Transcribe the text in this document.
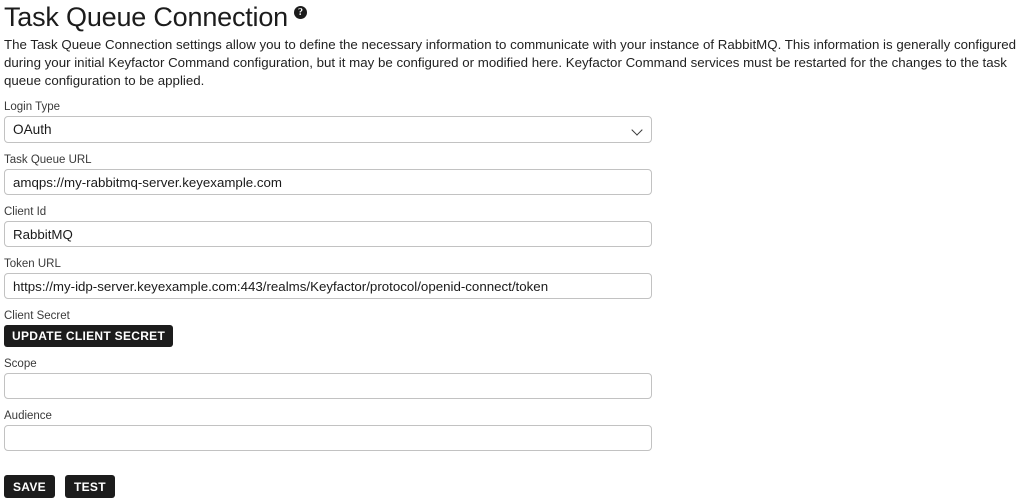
Task Queue Connection	?
The Task Queue Connection settings allow you to define the necessary information to communicate with your instance of RabbitMQ. This information is generally configured during your initial Keyfactor Command configuration, but it may be configured or modified here. Keyfactor Command services must be restarted for the changes to the task queue configuration to be applied.
Login Type
OAuth
Task Queue URL
amqps://my-rabbitmq-server.keyexample.com
Client Id
RabbitMQ
Token URL
https://my-idp-server.keyexample.com:443/realms/Keyfactor/protocol/openid-connect/token
Client Secret
UPDATE CLIENT SECRET
Scope
Audience
SAVE	TEST
